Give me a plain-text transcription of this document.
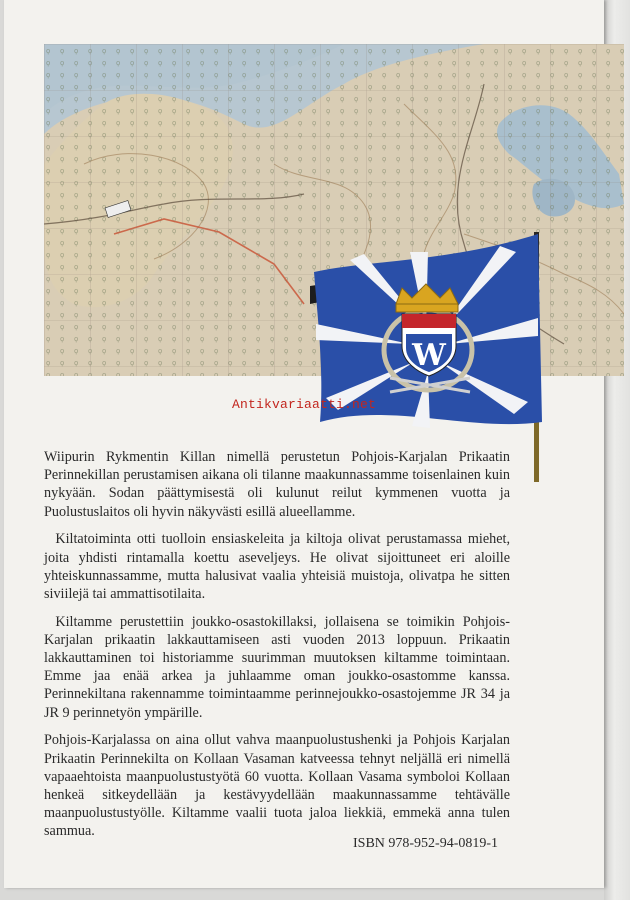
W
Antikvariaatti.net

Wiipurin Rykmentin Killan nimellä perustetun Pohjois-Karjalan Prikaatin Perinnekillan perustamisen aikana oli tilanne maakunnassamme toisenlainen kuin nykyään. Sodan päättymisestä oli kulunut reilut kymmenen vuotta ja Puolustuslaitos oli hyvin näkyvästi esillä alueellamme.

Kiltatoiminta otti tuolloin ensiaskeleita ja kiltoja olivat perustamassa miehet, joita yhdisti rintamalla koettu aseveljeys. He olivat sijoittuneet eri aloille yhteiskunnassamme, mutta halusivat vaalia yhteisiä muistoja, olivatpa he sitten siviilejä tai ammattisotilaita.

Kiltamme perustettiin joukko-osastokillaksi, jollaisena se toimikin Pohjois-Karjalan prikaatin lakkauttamiseen asti vuoden 2013 loppuun. Prikaatin lakkauttaminen toi historiamme suurimman muutoksen kiltamme toimintaan. Emme jaa enää arkea ja juhlaamme oman joukko-osastomme kanssa. Perinnekiltana rakennamme toimintaamme perinnejoukko-osastojemme JR 34 ja JR 9 perinnetyön ympärille.

Pohjois-Karjalassa on aina ollut vahva maanpuolustushenki ja Pohjois Karjalan Prikaatin Perinnekilta on Kollaan Vasaman katveessa tehnyt neljällä eri nimellä vapaaehtoista maanpuolustustyötä 60 vuotta. Kollaan Vasama symboloi Kollaan henkeä sitkeydellään ja kestävyydellään maakunnassamme tehtävälle maanpuolustustyölle. Kiltamme vaalii tuota jaloa liekkiä, emmekä anna tulen sammua.

ISBN 978-952-94-0819-1
